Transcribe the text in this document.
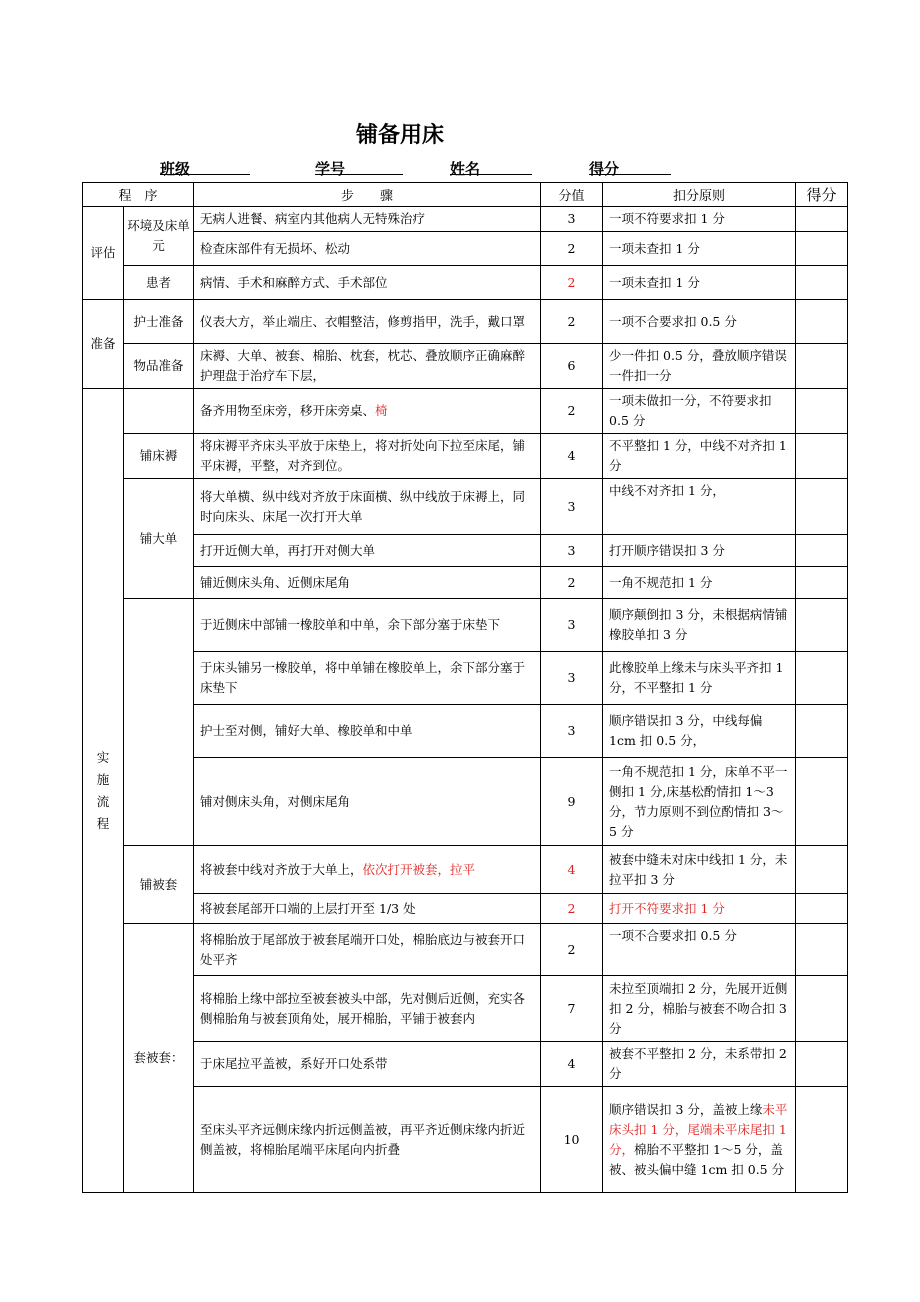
铺备用床
班级	学号	姓名	得分
程　序		步　　骤	分值	扣分原则	得分
评估	环境及床单元	无病人进餐、病室内其他病人无特殊治疗	3	一项不符要求扣 1 分	
		检查床部件有无损坏、松动	2	一项未查扣 1 分	
	患者	病情、手术和麻醉方式、手术部位	2	一项未查扣 1 分	
准备	护士准备	仪表大方，举止端庄、衣帽整洁，修剪指甲，洗手，戴口罩	2	一项不合要求扣 0.5 分	
	物品准备	床褥、大单、被套、棉胎、枕套，枕芯、叠放顺序正确麻醉护理盘于治疗车下层，	6	少一件扣 0.5 分，叠放顺序错误一件扣一分	
实施流程		备齐用物至床旁，移开床旁桌、椅	2	一项未做扣一分，不符要求扣 0.5 分	
	铺床褥	将床褥平齐床头平放于床垫上，将对折处向下拉至床尾，铺平床褥，平整，对齐到位。	4	不平整扣 1 分，中线不对齐扣 1 分	
	铺大单	将大单横、纵中线对齐放于床面横、纵中线放于床褥上，同时向床头、床尾一次打开大单	3	中线不对齐扣 1 分，	
		打开近侧大单，再打开对侧大单	3	打开顺序错误扣 3 分	
		铺近侧床头角、近侧床尾角	2	一角不规范扣 1 分	
		于近侧床中部铺一橡胶单和中单，余下部分塞于床垫下	3	顺序颠倒扣 3 分，未根据病情铺橡胶单扣 3 分	
		于床头铺另一橡胶单，将中单铺在橡胶单上，余下部分塞于床垫下	3	此橡胶单上缘未与床头平齐扣 1 分，不平整扣 1 分	
		护士至对侧，铺好大单、橡胶单和中单	3	顺序错误扣 3 分，中线每偏 1cm 扣 0.5 分，	
		铺对侧床头角，对侧床尾角	9	一角不规范扣 1 分，床单不平一侧扣 1 分,床基松酌情扣 1～3 分，节力原则不到位酌情扣 3～5 分	
	铺被套	将被套中线对齐放于大单上，依次打开被套，拉平	4	被套中缝未对床中线扣 1 分，未拉平扣 3 分	
		将被套尾部开口端的上层打开至 1/3 处	2	打开不符要求扣 1 分	
	套被套：	将棉胎放于尾部放于被套尾端开口处，棉胎底边与被套开口处平齐	2	一项不合要求扣 0.5 分	
		将棉胎上缘中部拉至被套被头中部，先对侧后近侧，充实各侧棉胎角与被套顶角处，展开棉胎，平铺于被套内	7	未拉至顶端扣 2 分，先展开近侧扣 2 分，棉胎与被套不吻合扣 3 分	
		于床尾拉平盖被，系好开口处系带	4	被套不平整扣 2 分，未系带扣 2 分	
		至床头平齐远侧床缘内折远侧盖被，再平齐近侧床缘内折近侧盖被，将棉胎尾端平床尾向内折叠	10	顺序错误扣 3 分，盖被上缘未平床头扣 1 分，尾端未平床尾扣 1 分，棉胎不平整扣 1～5 分，盖被、被头偏中缝 1cm 扣 0.5 分	
